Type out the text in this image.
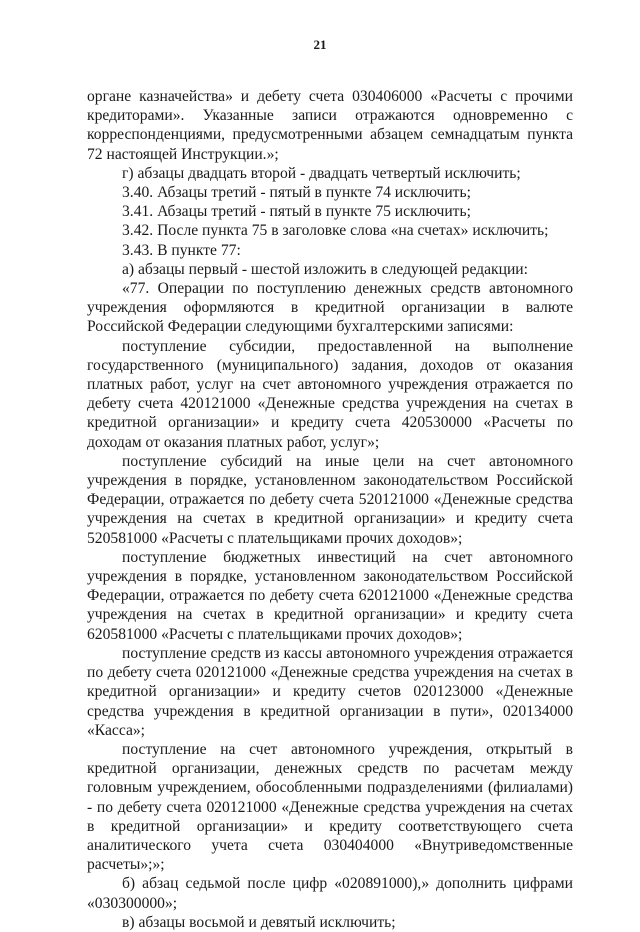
21

органе казначейства» и дебету счета 030406000 «Расчеты с прочими кредиторами». Указанные записи отражаются одновременно с корреспонденциями, предусмотренными абзацем семнадцатым пункта 72 настоящей Инструкции.»;

г) абзацы двадцать второй - двадцать четвертый исключить;

3.40. Абзацы третий - пятый в пункте 74 исключить;

3.41. Абзацы третий - пятый в пункте 75 исключить;

3.42. После пункта 75 в заголовке слова «на счетах» исключить;

3.43. В пункте 77:

а) абзацы первый - шестой изложить в следующей редакции:

«77. Операции по поступлению денежных средств автономного учреждения оформляются в кредитной организации в валюте Российской Федерации следующими бухгалтерскими записями:

поступление субсидии, предоставленной на выполнение государственного (муниципального) задания, доходов от оказания платных работ, услуг на счет автономного учреждения отражается по дебету счета 420121000 «Денежные средства учреждения на счетах в кредитной организации» и кредиту счета 420530000 «Расчеты по доходам от оказания платных работ, услуг»;

поступление субсидий на иные цели на счет автономного учреждения в порядке, установленном законодательством Российской Федерации, отражается по дебету счета 520121000 «Денежные средства учреждения на счетах в кредитной организации» и кредиту счета 520581000 «Расчеты с плательщиками прочих доходов»;

поступление бюджетных инвестиций на счет автономного учреждения в порядке, установленном законодательством Российской Федерации, отражается по дебету счета 620121000 «Денежные средства учреждения на счетах в кредитной организации» и кредиту счета 620581000 «Расчеты с плательщиками прочих доходов»;

поступление средств из кассы автономного учреждения отражается по дебету счета 020121000 «Денежные средства учреждения на счетах в кредитной организации» и кредиту счетов 020123000 «Денежные средства учреждения в кредитной организации в пути», 020134000 «Касса»;

поступление на счет автономного учреждения, открытый в кредитной организации, денежных средств по расчетам между головным учреждением, обособленными подразделениями (филиалами) - по дебету счета 020121000 «Денежные средства учреждения на счетах в кредитной организации» и кредиту соответствующего счета аналитического учета счета 030404000 «Внутриведомственные расчеты»;»;

б) абзац седьмой после цифр «020891000),» дополнить цифрами «030300000»;

в) абзацы восьмой и девятый исключить;
